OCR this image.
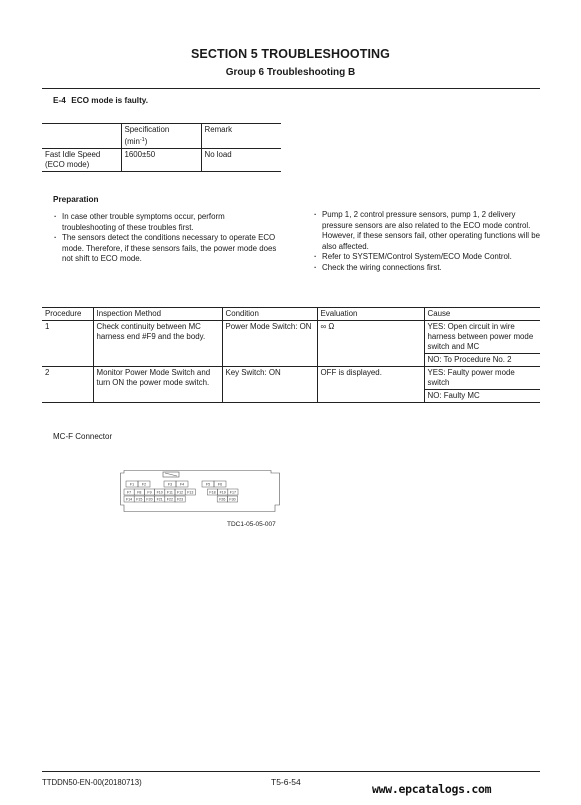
SECTION 5 TROUBLESHOOTING
Group 6 Troubleshooting B
E-4 ECO mode is faulty.
	Specification
$(\min^{-1})$	Remark
Fast Idle Speed
(ECO mode)	1600±50	No load
Preparation
· In case other trouble symptoms occur, perform troubleshooting of these troubles first.
· The sensors detect the conditions necessary to operate ECO mode. Therefore, if these sensors fails, the power mode does not shift to ECO mode.
· Pump 1, 2 control pressure sensors, pump 1, 2 delivery pressure sensors are also related to the ECO mode control. However, if these sensors fail, other operating functions will be also affected.
· Refer to SYSTEM/Control System/ECO Mode Control.
· Check the wiring connections first.
Procedure	Inspection Method	Condition	Evaluation	Cause
1	Check continuity between MC harness end #F9 and the body.	Power Mode Switch: ON	∞ Ω	YES: Open circuit in wire harness between power mode switch and MC
				NO: To Procedure No. 2
2	Monitor Power Mode Switch and turn ON the power mode switch.	Key Switch: ON	OFF is displayed.	YES: Faulty power mode switch
				NO: Faulty MC
MC-F Connector
F1 F2	F3 F4	F5 F6
F7 F8 F9 F10 F11 F12 F13	F18 F19 F17
F14 F15 F20 F21 F22 F23	F26 F30
TDC1-05-05-007
TTDDN50-EN-00(20180713)	T5-6-54	www.epcatalogs.com
